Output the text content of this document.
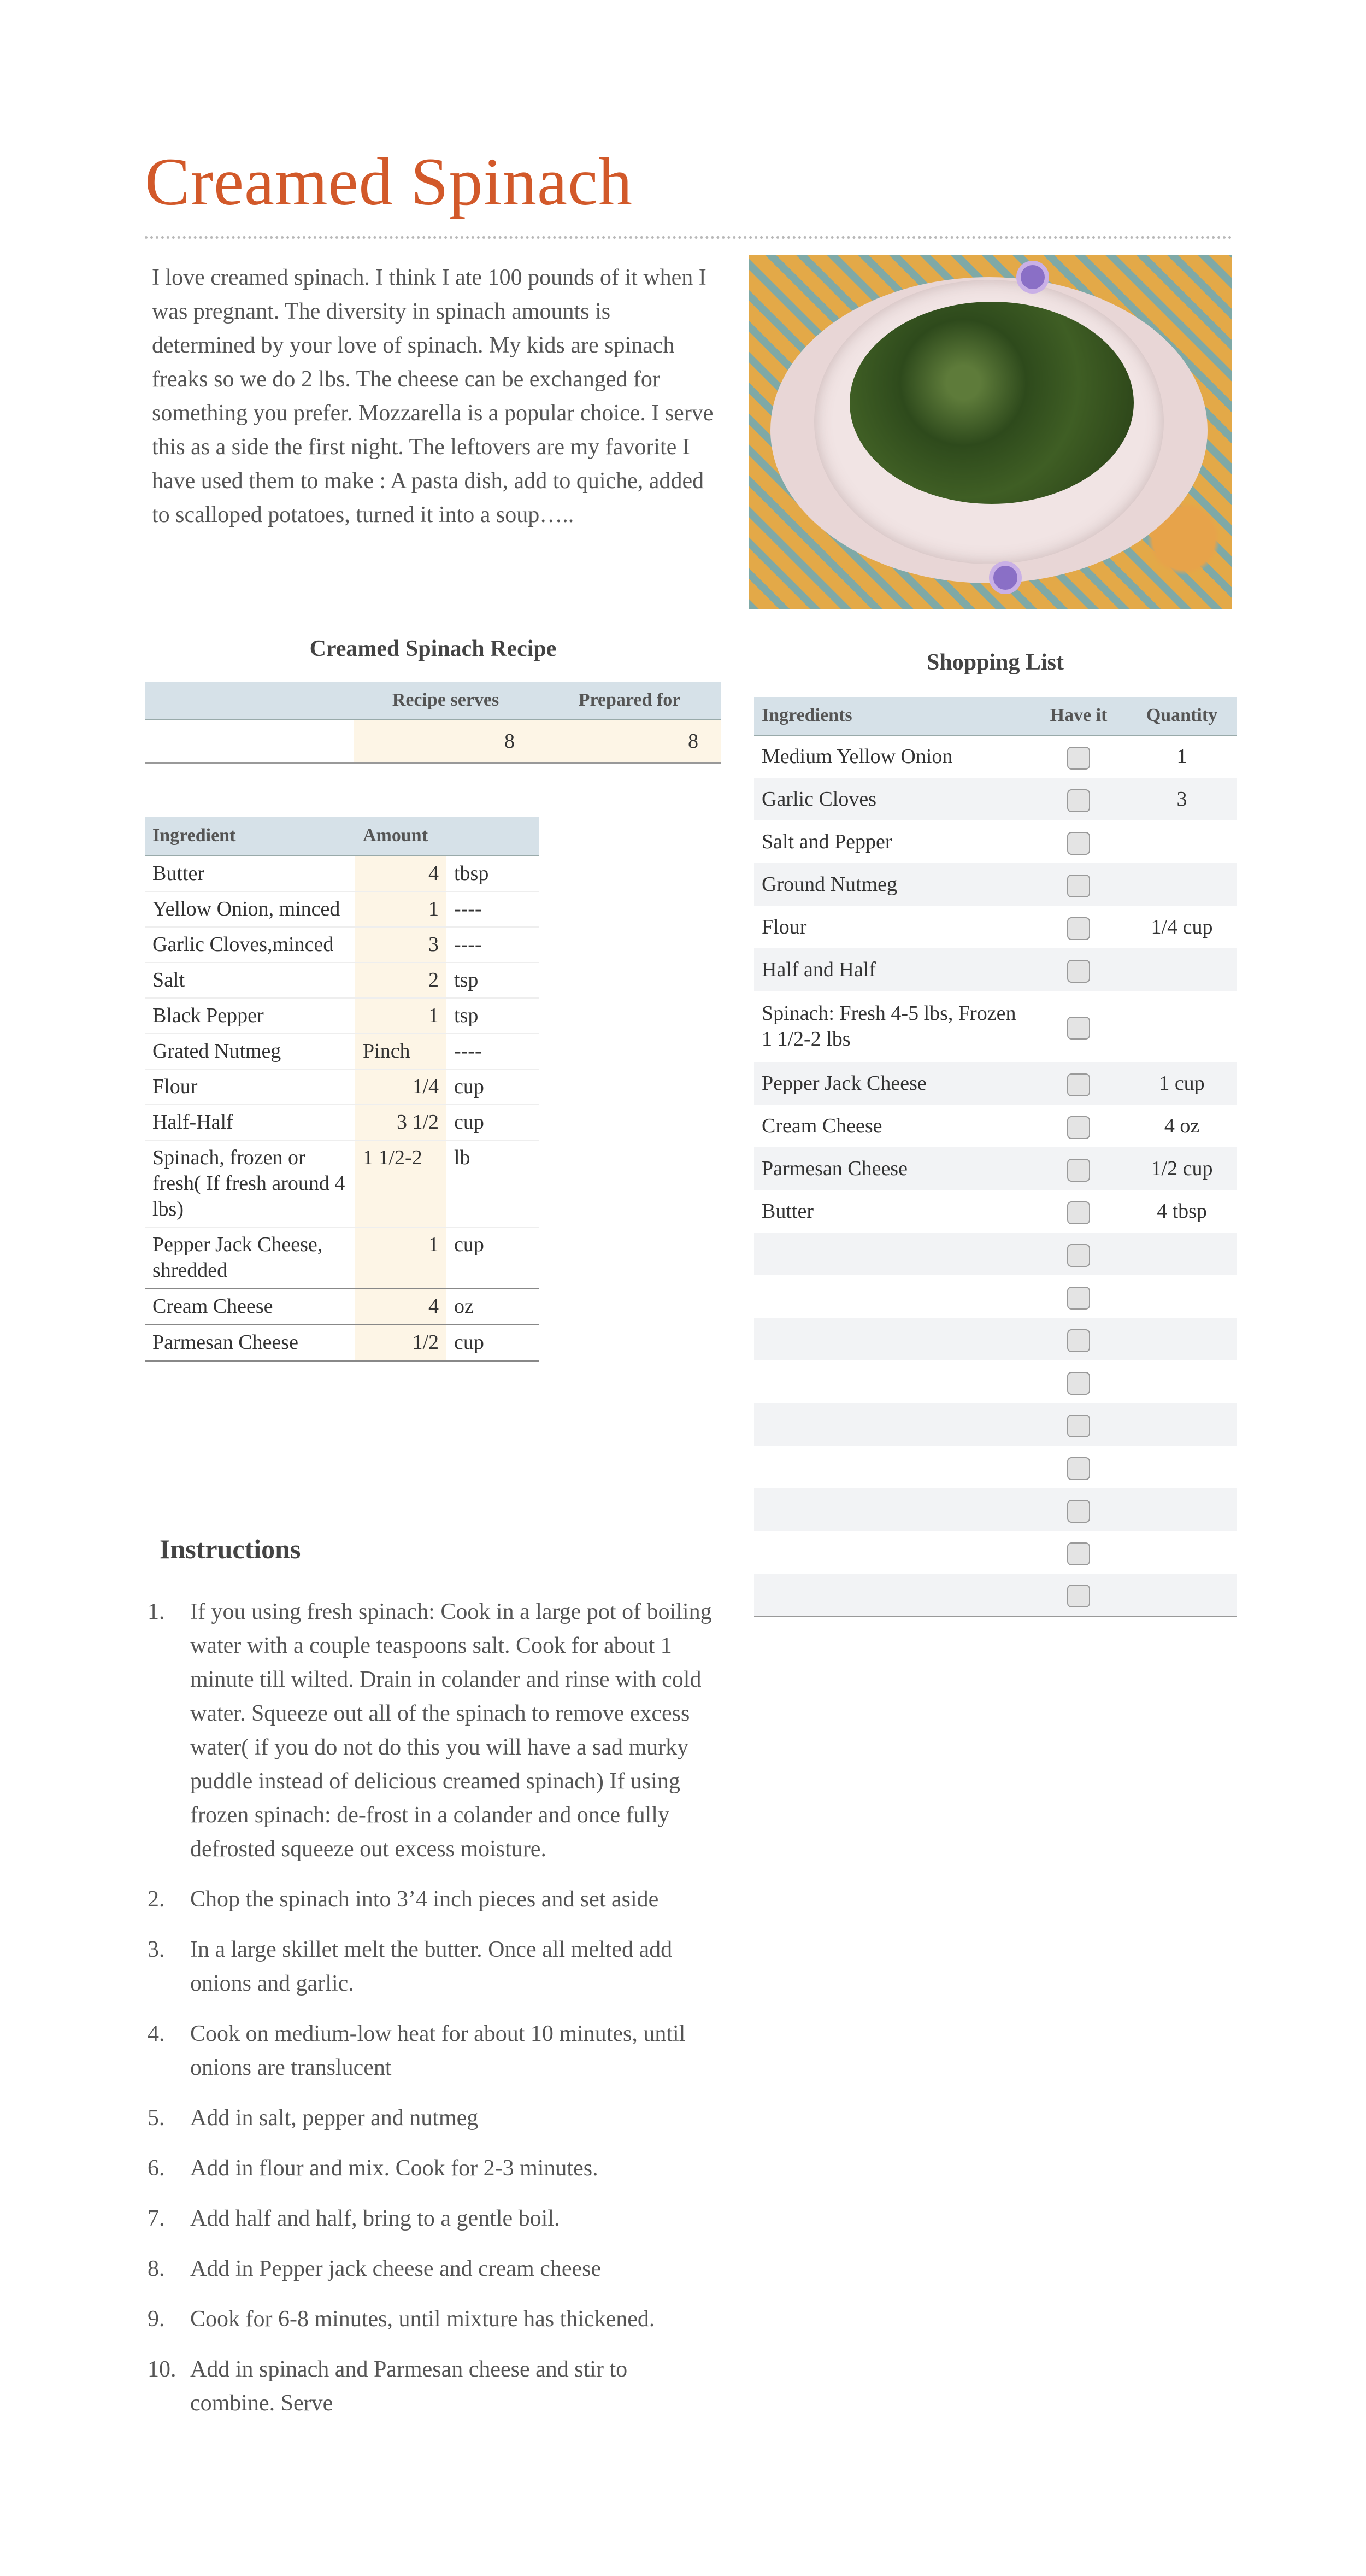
Creamed Spinach

I love creamed spinach. I think I ate 100 pounds of it when I was pregnant. The diversity in spinach amounts is determined by your love of spinach. My kids are spinach freaks so we do 2 lbs. The cheese can be exchanged for something you prefer. Mozzarella is a popular choice. I serve this as a side the first night. The leftovers are my favorite I have used them to make : A pasta dish, add to quiche, added to scalloped potatoes, turned it into a soup…..

Creamed Spinach Recipe
	Recipe serves	Prepared for
	8	8
Ingredient	Amount	
Butter	4	tbsp
Yellow Onion, minced	1	----
Garlic Cloves,minced	3	----
Salt	2	tsp
Black Pepper	1	tsp
Grated Nutmeg	Pinch	----
Flour	1/4	cup
Half-Half	3 1/2	cup
Spinach, frozen or fresh( If fresh around 4 lbs)	1 1/2-2	lb
Pepper Jack Cheese, shredded	1	cup
Cream Cheese	4	oz
Parmesan Cheese	1/2	cup
Shopping List
Ingredients	Have it	Quantity
Medium Yellow Onion		1
Garlic Cloves		3
Salt and Pepper		
Ground Nutmeg		
Flour		1/4 cup
Half and Half		
Spinach: Fresh 4-5 lbs, Frozen 1 1/2-2 lbs		
Pepper Jack Cheese		1 cup
Cream Cheese		4 oz
Parmesan Cheese		1/2 cup
Butter		4 tbsp

Instructions
1. If you using fresh spinach: Cook in a large pot of boiling water with a couple teaspoons salt. Cook for about 1 minute till wilted. Drain in colander and rinse with cold water. Squeeze out all of the spinach to remove excess water( if you do not do this you will have a sad murky puddle instead of delicious creamed spinach) If using frozen spinach: de-frost in a colander and once fully defrosted squeeze out excess moisture.
2. Chop the spinach into 3’4 inch pieces and set aside
3. In a large skillet melt the butter. Once all melted add onions and garlic.
4. Cook on medium-low heat for about 10 minutes, until onions are translucent
5. Add in salt, pepper and nutmeg
6. Add in flour and mix. Cook for 2-3 minutes.
7. Add half and half, bring to a gentle boil.
8. Add in Pepper jack cheese and cream cheese
9. Cook for 6-8 minutes, until mixture has thickened.
10. Add in spinach and Parmesan cheese and stir to combine. Serve
